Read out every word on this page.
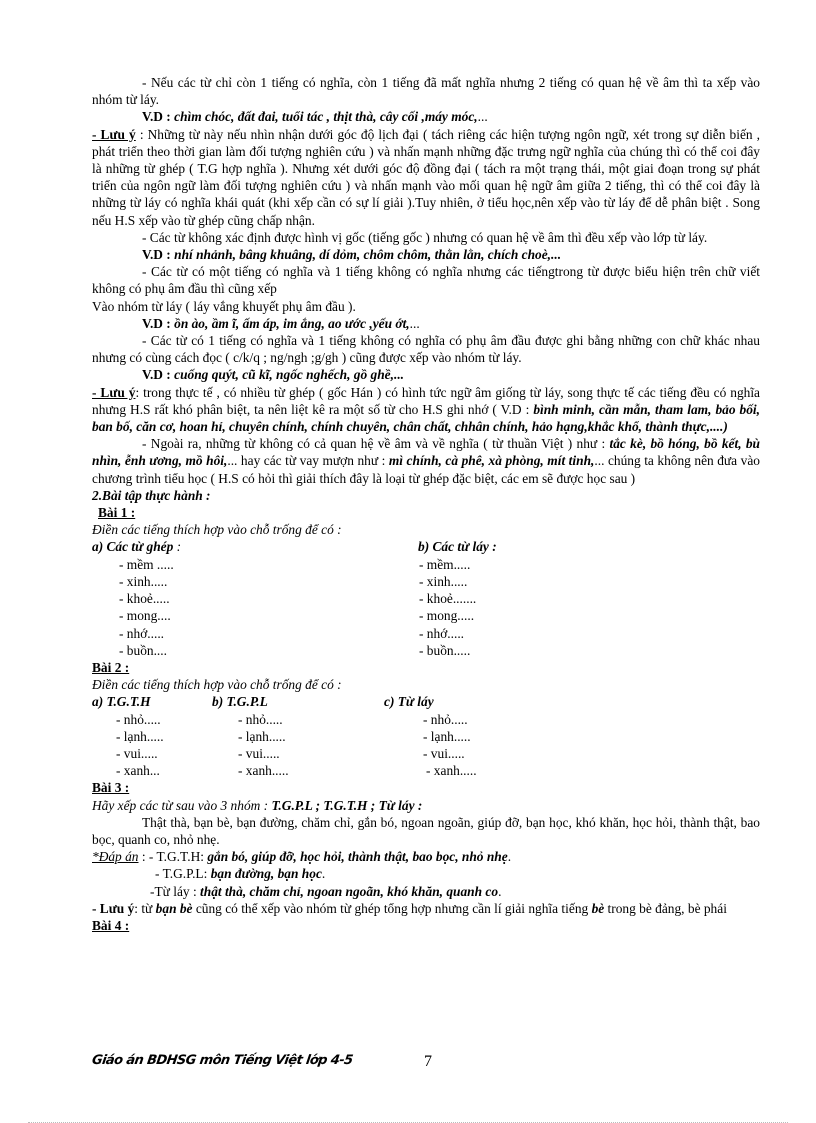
- Nếu các từ chỉ còn 1 tiếng có nghĩa, còn 1 tiếng đã mất nghĩa nhưng 2 tiếng có quan hệ về âm thì ta xếp vào nhóm từ láy.

V.D : chìm chóc, đất đai, tuổi tác , thịt thà, cây cối ,máy móc,...

- Lưu ý : Những từ này nếu nhìn nhận dưới góc độ lịch đại ( tách riêng các hiện tượng ngôn ngữ, xét trong sự diễn biến , phát triển theo thời gian làm đối tượng nghiên cứu ) và nhấn mạnh những đặc trưng ngữ nghĩa của chúng thì có thể coi đây là những từ ghép ( T.G hợp nghĩa ). Nhưng xét dưới góc độ đồng đại ( tách ra một trạng thái, một giai đoạn trong sự phát triển của ngôn ngữ làm đối tượng nghiên cứu ) và nhấn mạnh vào mối quan hệ ngữ âm giữa 2 tiếng, thì có thể coi đây là những từ láy có nghĩa khái quát (khi xếp cần có sự lí giải ).Tuy nhiên, ở tiểu học,nên xếp vào từ láy để dễ phân biệt . Song nếu H.S xếp vào từ ghép cũng chấp nhận.

- Các từ không xác định được hình vị gốc (tiếng gốc ) nhưng có quan hệ về âm thì đều xếp vào lớp từ láy.

V.D : nhí nhảnh, bâng khuâng, dí dỏm, chôm chôm, thằn lằn, chích choè,...

- Các từ có một tiếng có nghĩa và 1 tiếng không có nghĩa nhưng các tiếngtrong từ được biểu hiện trên chữ viết không có phụ âm đầu thì cũng xếp

Vào nhóm từ láy ( láy vắng khuyết phụ âm đầu ).

V.D : ồn ào, ầm ĩ, ấm áp, im ắng, ao ước ,yếu ớt,...

- Các từ có 1 tiếng có nghĩa và 1 tiếng không có nghĩa có phụ âm đầu được ghi bằng những con chữ khác nhau nhưng có cùng cách đọc ( c/k/q ; ng/ngh ;g/gh ) cũng được xếp vào nhóm từ láy.

V.D : cuống quýt, cũ kĩ, ngốc nghếch, gồ ghề,...

- Lưu ý: trong thực tế , có nhiều từ ghép ( gốc Hán ) có hình tức ngữ âm giống từ láy, song thực tế các tiếng đều có nghĩa nhưng H.S rất khó phân biệt, ta nên liệt kê ra một số từ cho H.S ghi nhớ ( V.D : bình minh, cần mẫn, tham lam, bảo bối, ban bố, căn cơ, hoan hỉ, chuyên chính, chính chuyên, chân chất, chhân chính, hảo hạng,khắc khổ, thành thực,....)

- Ngoài ra, những từ không có cả quan hệ về âm và về nghĩa ( từ thuần Việt ) như : tắc kè, bồ hóng, bồ kết, bù nhìn, ễnh ương, mồ hôi,... hay các từ vay mượn như : mì chính, cà phê, xà phòng, mít tinh,... chúng ta không nên đưa vào chương trình tiểu học ( H.S có hỏi thì giải thích đây là loại từ ghép đặc biệt, các em sẽ được học sau )

2.Bài tập thực hành :

Bài 1 :

Điền các tiếng thích hợp vào chỗ trống để có :

a) Các từ ghép :	b) Các từ láy :
- mềm .....	- mềm.....
- xinh.....	- xinh.....
- khoẻ.....	- khoẻ.......
- mong....	- mong.....
- nhớ.....	- nhớ.....
- buồn....	- buồn.....

Bài 2 :

Điền các tiếng thích hợp vào chỗ trống để có :

a) T.G.T.H	b) T.G.P.L	c) Từ láy
- nhỏ.....	- nhỏ.....	- nhỏ.....
- lạnh.....	- lạnh.....	- lạnh.....
- vui.....	- vui.....	- vui.....
- xanh...	- xanh.....	- xanh.....

Bài 3 :

Hãy xếp các từ sau vào 3 nhóm : T.G.P.L ; T.G.T.H ; Từ láy :

Thật thà, bạn bè, bạn đường, chăm chỉ, gắn bó, ngoan ngoãn, giúp đỡ, bạn học, khó khăn, học hỏi, thành thật, bao bọc, quanh co, nhỏ nhẹ.

*Đáp án : - T.G.T.H: gắn bó, giúp đỡ, học hỏi, thành thật, bao bọc, nhỏ nhẹ.

- T.G.P.L: bạn đường, bạn học.

-Từ láy : thật thà, chăm chỉ, ngoan ngoãn, khó khăn, quanh co.

- Lưu ý: từ bạn bè cũng có thể xếp vào nhóm từ ghép tổng hợp nhưng cần lí giải nghĩa tiếng bè trong bè đảng, bè phái

Bài 4 :

Giáo án BDHSG môn Tiếng Việt lớp 4-5	7
